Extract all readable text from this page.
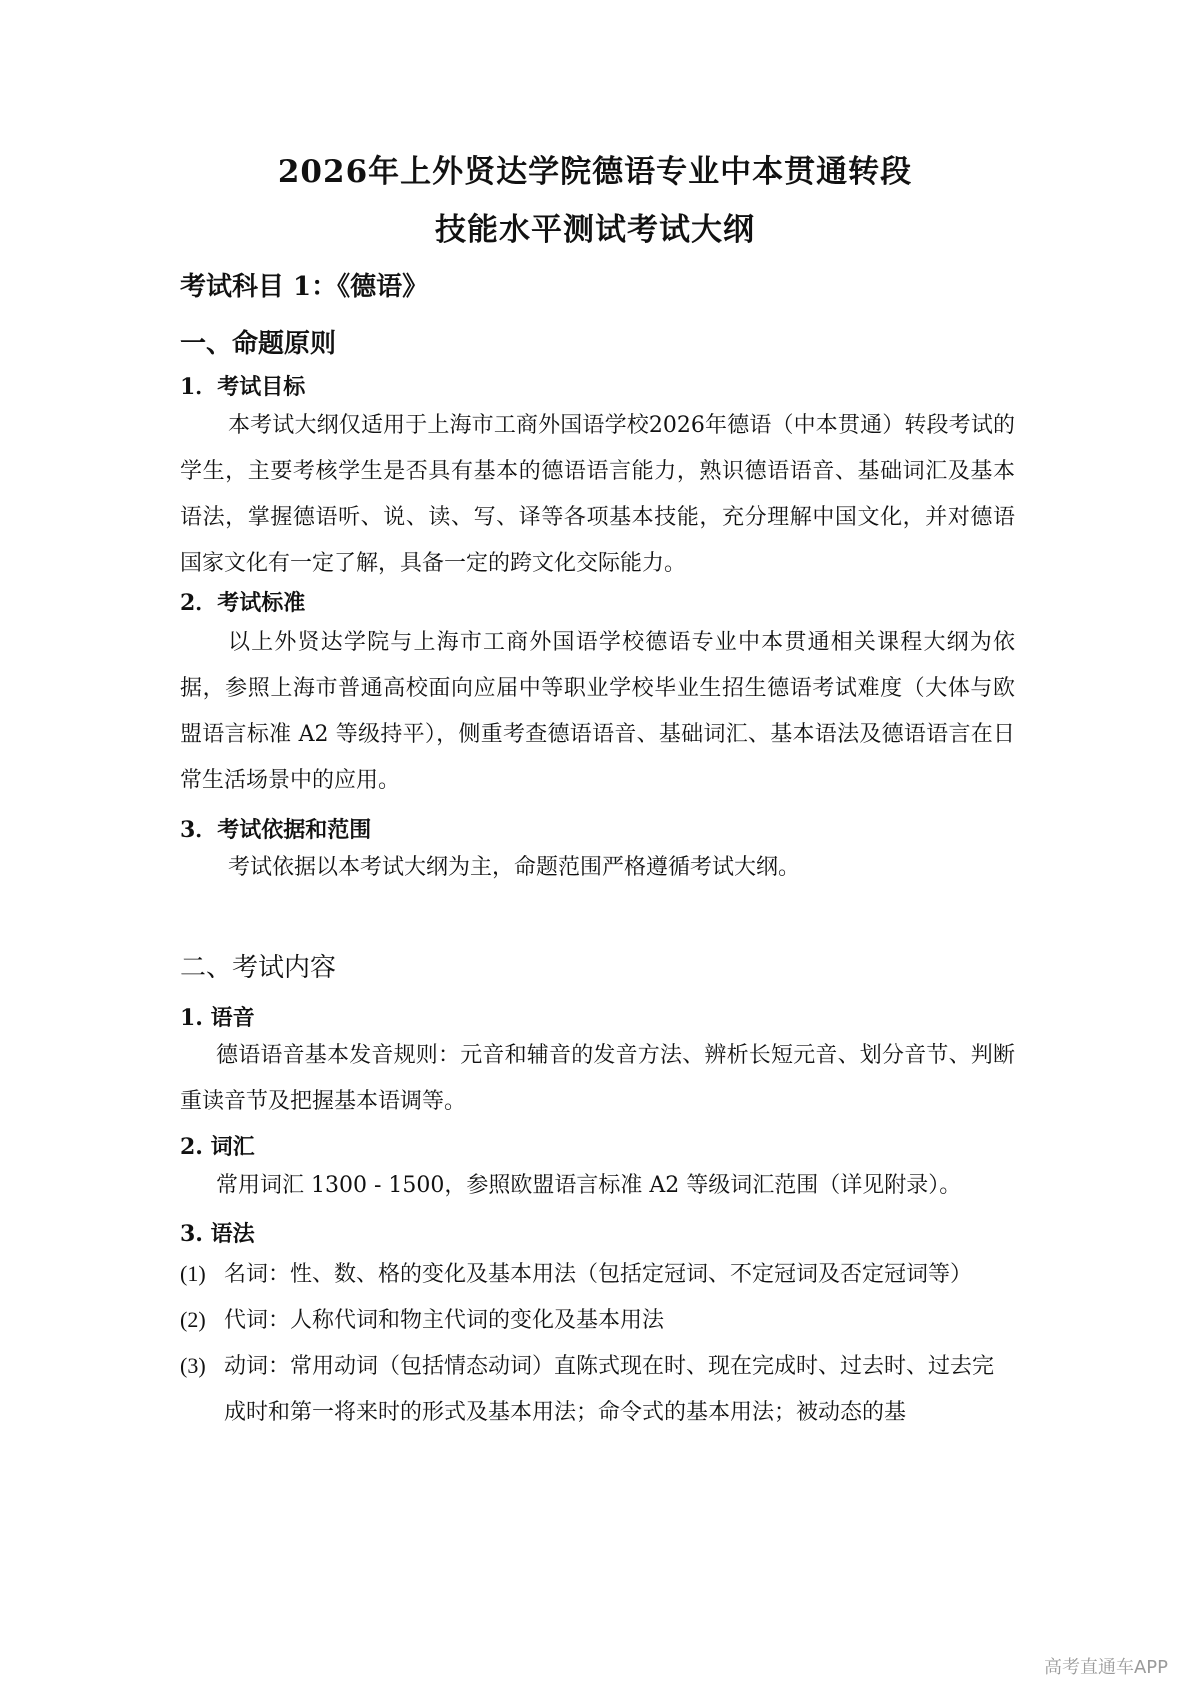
2026年上外贤达学院德语专业中本贯通转段
技能水平测试考试大纲
考试科目 1：《德语》
一、命题原则
1．考试目标
本考试大纲仅适用于上海市工商外国语学校2026年德语（中本贯通）转段考试的学生，主要考核学生是否具有基本的德语语言能力，熟识德语语音、基础词汇及基本语法，掌握德语听、说、读、写、译等各项基本技能，充分理解中国文化，并对德语国家文化有一定了解，具备一定的跨文化交际能力。
2．考试标准
以上外贤达学院与上海市工商外国语学校德语专业中本贯通相关课程大纲为依据，参照上海市普通高校面向应届中等职业学校毕业生招生德语考试难度（大体与欧盟语言标准 A2 等级持平），侧重考查德语语音、基础词汇、基本语法及德语语言在日常生活场景中的应用。
3．考试依据和范围
考试依据以本考试大纲为主，命题范围严格遵循考试大纲。
二、考试内容
1. 语音
德语语音基本发音规则：元音和辅音的发音方法、辨析长短元音、划分音节、判断重读音节及把握基本语调等。
2. 词汇
常用词汇 1300 - 1500，参照欧盟语言标准 A2 等级词汇范围（详见附录）。
3. 语法
(1) 名词：性、数、格的变化及基本用法（包括定冠词、不定冠词及否定冠词等）
(2) 代词：人称代词和物主代词的变化及基本用法
(3) 动词：常用动词（包括情态动词）直陈式现在时、现在完成时、过去时、过去完成时和第一将来时的形式及基本用法；命令式的基本用法；被动态的基
高考直通车APP
